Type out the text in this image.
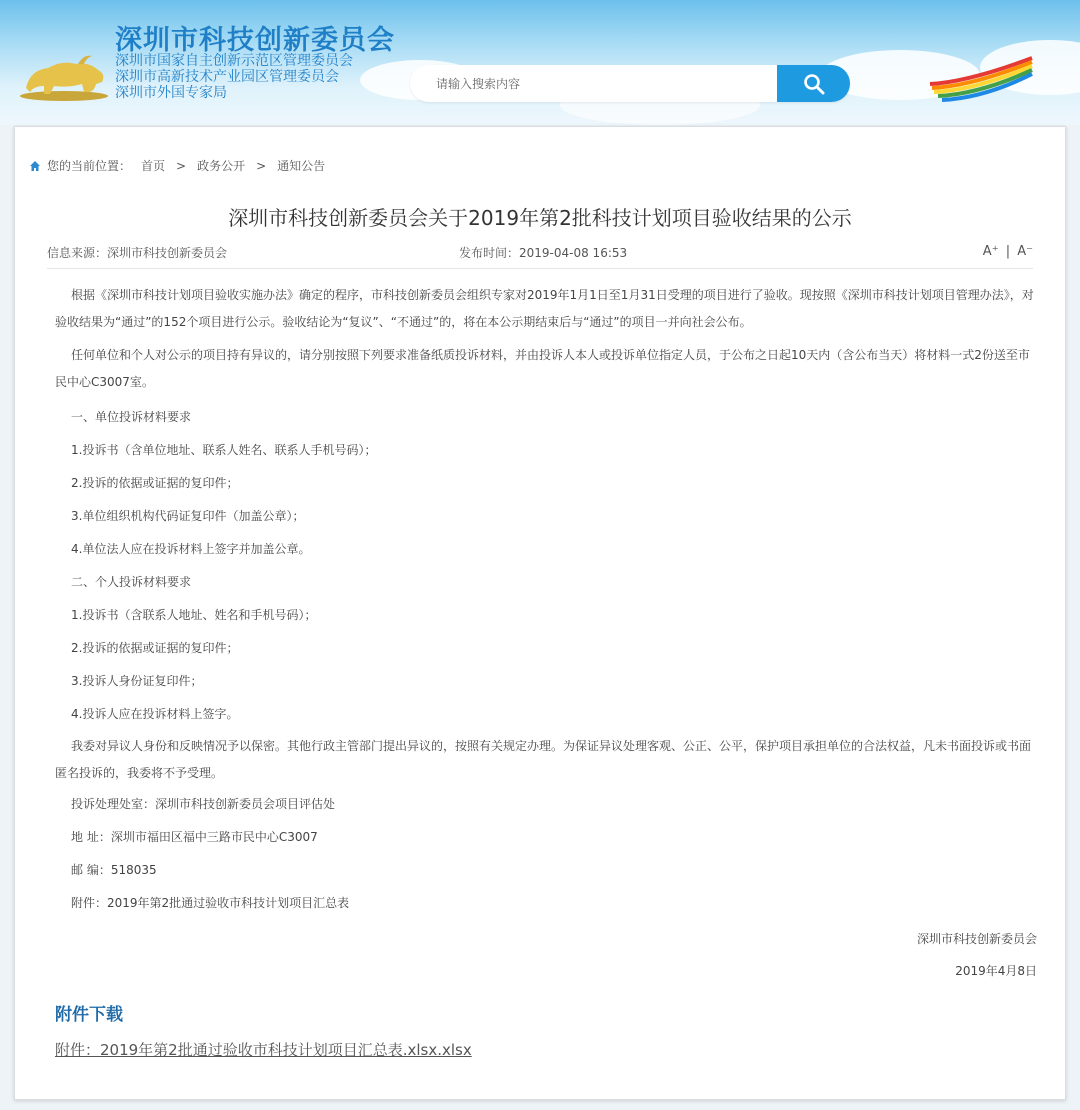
深圳市科技创新委员会
深圳市国家自主创新示范区管理委员会
深圳市高新技术产业园区管理委员会
深圳市外国专家局
请输入搜索内容
您的当前位置： 首页 > 政务公开 > 通知公告
深圳市科技创新委员会关于2019年第2批科技计划项目验收结果的公示
信息来源：深圳市科技创新委员会	发布时间：2019-04-08 16:53	A⁺ | A⁻

根据《深圳市科技计划项目验收实施办法》确定的程序，市科技创新委员会组织专家对2019年1月1日至1月31日受理的项目进行了验收。现按照《深圳市科技计划项目管理办法》，对验收结果为“通过”的152个项目进行公示。验收结论为“复议”、“不通过”的，将在本公示期结束后与“通过”的项目一并向社会公布。

任何单位和个人对公示的项目持有异议的，请分别按照下列要求准备纸质投诉材料，并由投诉人本人或投诉单位指定人员，于公布之日起10天内（含公布当天）将材料一式2份送至市民中心C3007室。

一、单位投诉材料要求

1.投诉书（含单位地址、联系人姓名、联系人手机号码）；

2.投诉的依据或证据的复印件；

3.单位组织机构代码证复印件（加盖公章）；

4.单位法人应在投诉材料上签字并加盖公章。

二、个人投诉材料要求

1.投诉书（含联系人地址、姓名和手机号码）；

2.投诉的依据或证据的复印件；

3.投诉人身份证复印件；

4.投诉人应在投诉材料上签字。

我委对异议人身份和反映情况予以保密。其他行政主管部门提出异议的，按照有关规定办理。为保证异议处理客观、公正、公平，保护项目承担单位的合法权益，凡未书面投诉或书面匿名投诉的，我委将不予受理。

投诉处理处室：深圳市科技创新委员会项目评估处

地 址：深圳市福田区福中三路市民中心C3007

邮 编：518035

附件：2019年第2批通过验收市科技计划项目汇总表

深圳市科技创新委员会

2019年4月8日

附件下载
附件：2019年第2批通过验收市科技计划项目汇总表.xlsx.xlsx
